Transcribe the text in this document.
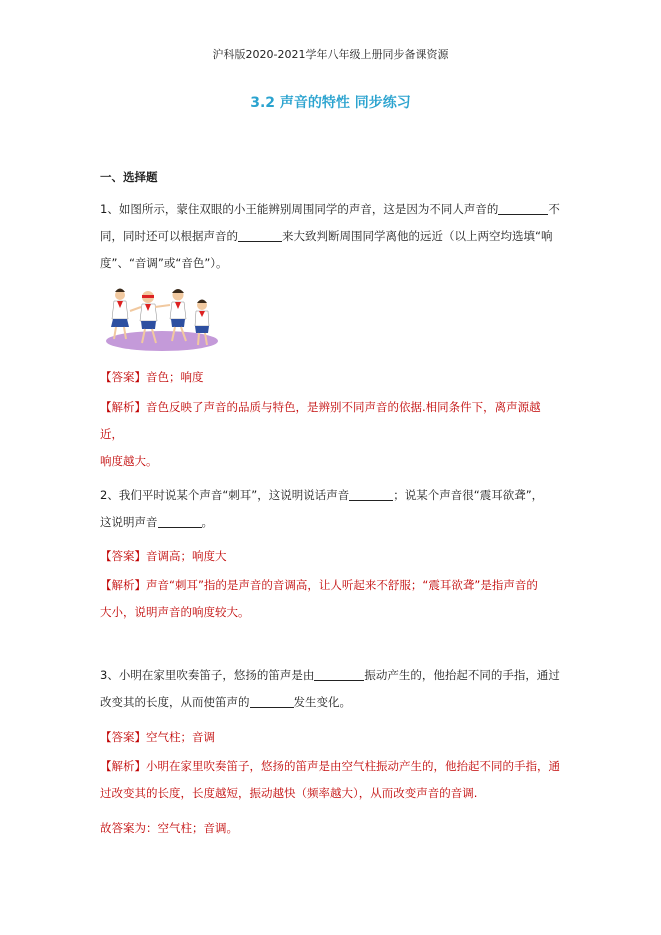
沪科版2020-2021学年八年级上册同步备课资源
3.2 声音的特性 同步练习
一、选择题
1、如图所示，蒙住双眼的小王能辨别周围同学的声音，这是因为不同人声音的	不
同，同时还可以根据声音的	来大致判断周围同学离他的远近（以上两空均选填“响
度”、“音调”或“音色”）。
【答案】音色；响度
【解析】音色反映了声音的品质与特色，是辨别不同声音的依据.相同条件下，离声源越近，
响度越大。
2、我们平时说某个声音“刺耳”，这说明说话声音	；说某个声音很“震耳欲聋”，
这说明声音	。
【答案】音调高；响度大
【解析】声音“刺耳”指的是声音的音调高，让人听起来不舒服；“震耳欲聋”是指声音的
大小，说明声音的响度较大。
3、小明在家里吹奏笛子，悠扬的笛声是由	振动产生的，他抬起不同的手指，通过
改变其的长度，从而使笛声的	发生变化。
【答案】空气柱；音调
【解析】小明在家里吹奏笛子，悠扬的笛声是由空气柱振动产生的，他抬起不同的手指，通
过改变其的长度，长度越短，振动越快（频率越大），从而改变声音的音调.
故答案为：空气柱；音调。
